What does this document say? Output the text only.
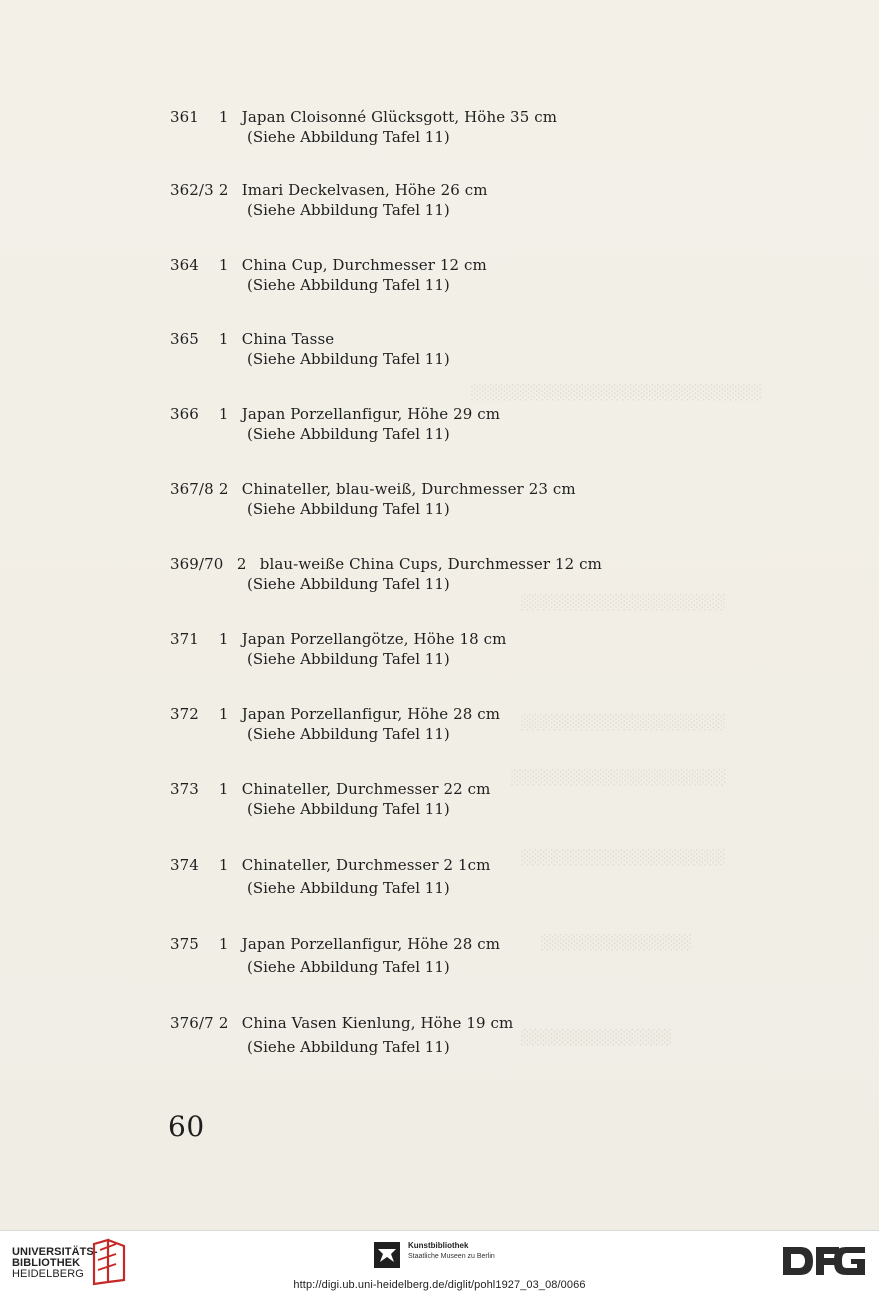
░░░░░░░░░░░░░░░░░░░░░░░░░░░
░░░░░░░░░░░░░░░░░░░
░░░░░░░░░░░░░░░░░░░
░░░░░░░░░░░░░░░░░░░░
░░░░░░░░░░░░░░░░░░░
░░░░░░░░░░░░░░
░░░░░░░░░░░░░░
361 1 Japan Cloisonné Glücksgott, Höhe 35 cm
(Siehe Abbildung Tafel 11)
362/3 2 Imari Deckelvasen, Höhe 26 cm
(Siehe Abbildung Tafel 11)
364 1 China Cup, Durchmesser 12 cm
(Siehe Abbildung Tafel 11)
365 1 China Tasse
(Siehe Abbildung Tafel 11)
366 1 Japan Porzellanfigur, Höhe 29 cm
(Siehe Abbildung Tafel 11)
367/8 2 Chinateller, blau-weiß, Durchmesser 23 cm
(Siehe Abbildung Tafel 11)
369/70 2 blau-weiße China Cups, Durchmesser 12 cm
(Siehe Abbildung Tafel 11)
371 1 Japan Porzellangötze, Höhe 18 cm
(Siehe Abbildung Tafel 11)
372 1 Japan Porzellanfigur, Höhe 28 cm
(Siehe Abbildung Tafel 11)
373 1 Chinateller, Durchmesser 22 cm
(Siehe Abbildung Tafel 11)
374 1 Chinateller, Durchmesser 2 1cm
(Siehe Abbildung Tafel 11)
375 1 Japan Porzellanfigur, Höhe 28 cm
(Siehe Abbildung Tafel 11)
376/7 2 China Vasen Kienlung, Höhe 19 cm
(Siehe Abbildung Tafel 11)
60
UNIVERSITÄTS-
BIBLIOTHEK
HEIDELBERG
Kunstbibliothek
Staatliche Museen zu Berlin
http://digi.ub.uni-heidelberg.de/diglit/pohl1927_03_08/0066
